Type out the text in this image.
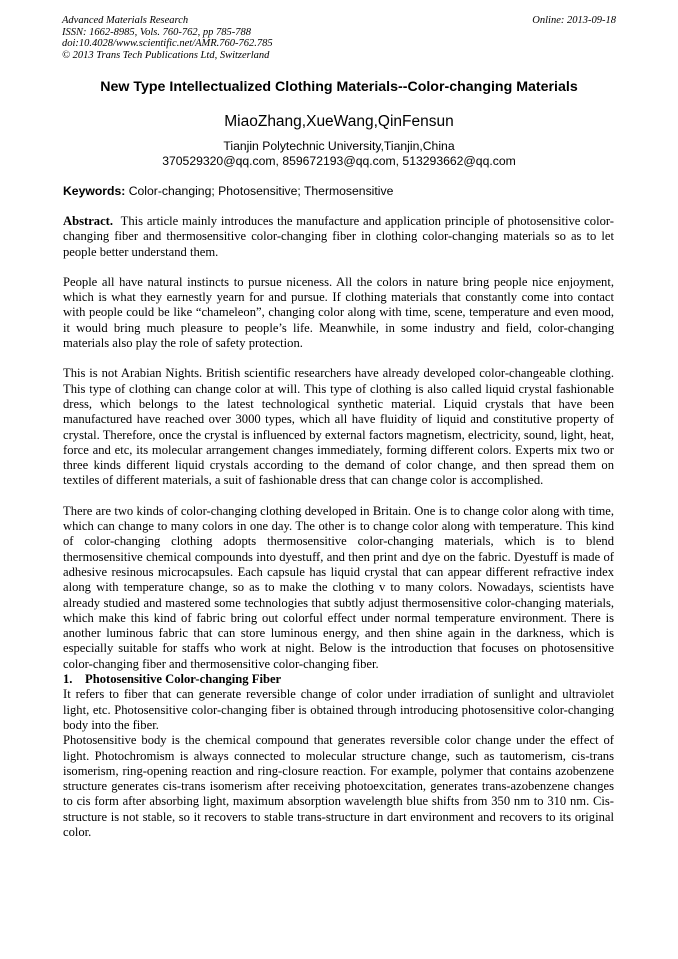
Advanced Materials Research
ISSN: 1662-8985, Vols. 760-762, pp 785-788
doi:10.4028/www.scientific.net/AMR.760-762.785
© 2013 Trans Tech Publications Ltd, Switzerland
Online: 2013-09-18
New Type Intellectualized Clothing Materials--Color-changing Materials
MiaoZhang,XueWang,QinFensun
Tianjin Polytechnic University,Tianjin,China
370529320@qq.com, 859672193@qq.com, 513293662@qq.com
Keywords: Color-changing; Photosensitive; Thermosensitive

Abstract. This article mainly introduces the manufacture and application principle of photosensitive color-changing fiber and thermosensitive color-changing fiber in clothing color-changing materials so as to let people better understand them.

People all have natural instincts to pursue niceness. All the colors in nature bring people nice enjoyment, which is what they earnestly yearn for and pursue. If clothing materials that constantly come into contact with people could be like “chameleon”, changing color along with time, scene, temperature and even mood, it would bring much pleasure to people’s life. Meanwhile, in some industry and field, color-changing materials also play the role of safety protection.

This is not Arabian Nights. British scientific researchers have already developed color-changeable clothing. This type of clothing can change color at will. This type of clothing is also called liquid crystal fashionable dress, which belongs to the latest technological synthetic material. Liquid crystals that have been manufactured have reached over 3000 types, which all have fluidity of liquid and constitutive property of crystal. Therefore, once the crystal is influenced by external factors magnetism, electricity, sound, light, heat, force and etc, its molecular arrangement changes immediately, forming different colors. Experts mix two or three kinds different liquid crystals according to the demand of color change, and then spread them on textiles of different materials, a suit of fashionable dress that can change color is accomplished.

There are two kinds of color-changing clothing developed in Britain. One is to change color along with time, which can change to many colors in one day. The other is to change color along with temperature. This kind of color-changing clothing adopts thermosensitive color-changing materials, which is to blend thermosensitive chemical compounds into dyestuff, and then print and dye on the fabric. Dyestuff is made of adhesive resinous microcapsules. Each capsule has liquid crystal that can appear different refractive index along with temperature change, so as to make the clothing v to many colors. Nowadays, scientists have already studied and mastered some technologies that subtly adjust thermosensitive color-changing materials, which make this kind of fabric bring out colorful effect under normal temperature environment. There is another luminous fabric that can store luminous energy, and then shine again in the darkness, which is especially suitable for staffs who work at night. Below is the introduction that focuses on photosensitive color-changing fiber and thermosensitive color-changing fiber.

1. Photosensitive Color-changing Fiber

It refers to fiber that can generate reversible change of color under irradiation of sunlight and ultraviolet light, etc. Photosensitive color-changing fiber is obtained through introducing photosensitive color-changing body into the fiber.

Photosensitive body is the chemical compound that generates reversible color change under the effect of light. Photochromism is always connected to molecular structure change, such as tautomerism, cis-trans isomerism, ring-opening reaction and ring-closure reaction. For example, polymer that contains azobenzene structure generates cis-trans isomerism after receiving photoexcitation, generates trans-azobenzene changes to cis form after absorbing light, maximum absorption wavelength blue shifts from 350 nm to 310 nm. Cis-structure is not stable, so it recovers to stable trans-structure in dart environment and recovers to its original color.
